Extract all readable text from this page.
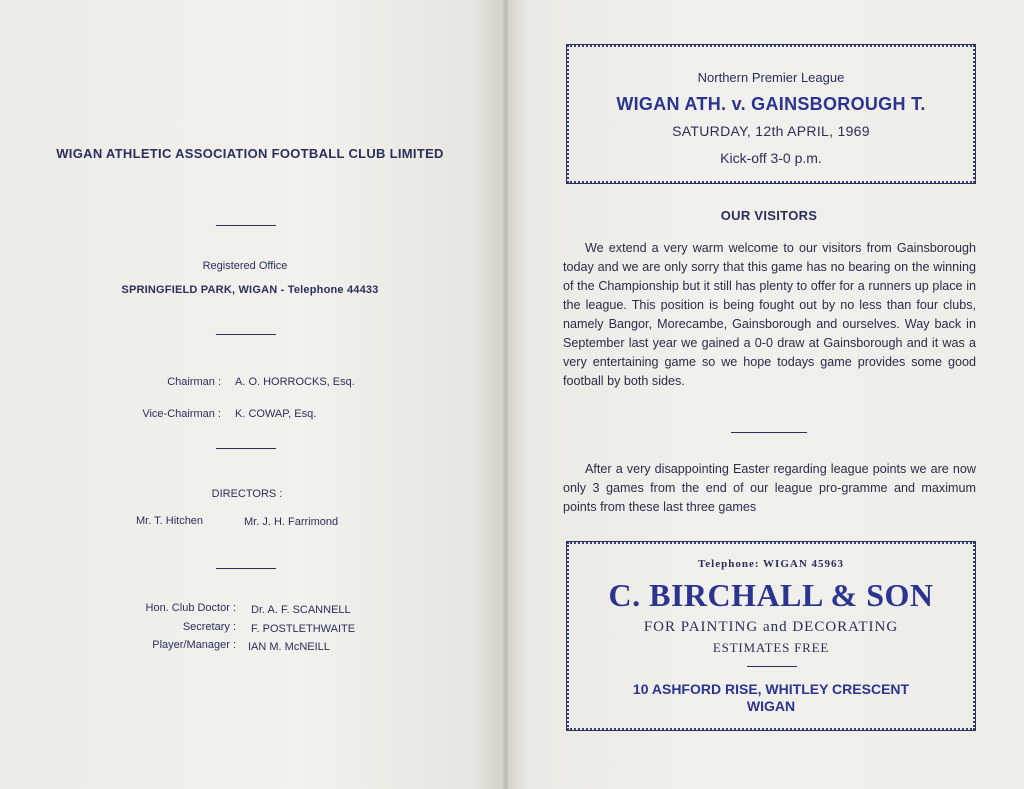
WIGAN ATHLETIC ASSOCIATION FOOTBALL CLUB LIMITED
Registered Office
SPRINGFIELD PARK, WIGAN - Telephone 44433
Chairman : A. O. HORROCKS, Esq.
Vice-Chairman : K. COWAP, Esq.
DIRECTORS :
Mr. T. Hitchen	Mr. J. H. Farrimond
Hon. Club Doctor : Dr. A. F. SCANNELL
Secretary : F. POSTLETHWAITE
Player/Manager : IAN M. McNEILL
Northern Premier League
WIGAN ATH. v. GAINSBOROUGH T.
SATURDAY, 12th APRIL, 1969
Kick-off 3-0 p.m.
OUR VISITORS

We extend a very warm welcome to our visitors from Gainsborough today and we are only sorry that this game has no bearing on the winning of the Championship but it still has plenty to offer for a runners up place in the league. This position is being fought out by no less than four clubs, namely Bangor, Morecambe, Gainsborough and ourselves. Way back in September last year we gained a 0-0 draw at Gainsborough and it was a very entertaining game so we hope todays game provides some good football by both sides.

After a very disappointing Easter regarding league points we are now only 3 games from the end of our league pro-gramme and maximum points from these last three games

Telephone: WIGAN 45963
C. BIRCHALL & SON
FOR PAINTING and DECORATING
ESTIMATES FREE
10 ASHFORD RISE, WHITLEY CRESCENT
WIGAN
